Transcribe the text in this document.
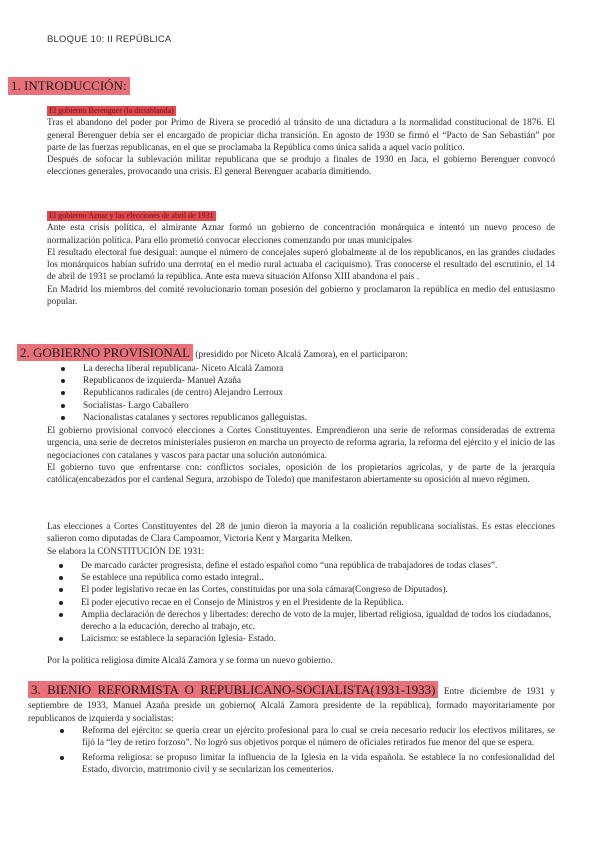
BLOQUE 10: II REPÚBLICA
1. INTRODUCCIÓN:

El gobierno Berenguer (la dictablanda)

Tras el abandono del poder por Primo de Rivera se procedió al tránsito de una dictadura a la normalidad constitucional de 1876. El general Berenguer debía ser el encargado de propiciar dicha transición. En agosto de 1930 se firmó el “Pacto de San Sebastián” por parte de las fuerzas republicanas, en el que se proclamaba la República como única salida a aquel vacío político.

Después de sofocar la sublevación militar republicana que se produjo a finales de 1930 en Jaca, el gobierno Berenguer convocó elecciones generales, provocando una crisis. El general Berenguer acabaría dimitiendo.

El gobierno Aznar y las elecciones de abril de 1931

Ante esta crisis política, el almirante Aznar formó un gobierno de concentración monárquica e intentó un nuevo proceso de normalización política. Para ello prometió convocar elecciones comenzando por unas municipales

El resultado electoral fue desigual: aunque el número de concejales superó globalmente al de los republicanos, en las grandes ciudades los monárquicos habían sufrido una derrota( en el medio rural actuaba el caciquismo). Tras conocerse el resultado del escrutinio, el 14 de abril de 1931 se proclamó la república. Ante esta nueva situación Alfonso XIII abandona el país .

En Madrid los miembros del comité revolucionario toman posesión del gobierno y proclamaron la república en medio del entusiasmo popular.

2. GOBIERNO PROVISIONAL (presidido por Niceto Alcalá Zamora), en el participaron:
La derecha liberal republicana- Niceto Alcalá Zamora
Republicanos de izquierda- Manuel Azaña
Republicanos radicales (de centro) Alejandro Lerroux
Socialistas- Largo Caballero
Nacionalistas catalanes y sectores republicanos galleguistas.

El gobierno provisional convocó elecciones a Cortes Constituyentes. Emprendieron una serie de reformas consideradas de extrema urgencia, una serie de decretos ministeriales pusieron en marcha un proyecto de reforma agraria, la reforma del ejército y el inicio de las negociaciones con catalanes y vascos para pactar una solución autonómica.

El gobierno tuvo que enfrentarse con: conflictos sociales, oposición de los propietarios agrícolas, y de parte de la jerarquía católica(encabezados por el cardenal Segura, arzobispo de Toledo) que manifestaron abiertamente su oposición al nuevo régimen.

Las elecciones a Cortes Constituyentes del 28 de junio dieron la mayoría a la coalición republicana socialistas. Es estas elecciones salieron como diputadas de Clara Campoamor, Victoria Kent y Margarita Melken.

Se elabora la CONSTITUCIÓN DE 1931:

De marcado carácter progresista, define el estado español como “una república de trabajadores de todas clases”.
Se establece una república como estado integral..
El poder legislativo recae en las Cortes, constituidas por una sola cámara(Congreso de Diputados).
El poder ejecutivo recae en el Consejo de Ministros y en el Presidente de la República.
Amplia declaración de derechos y libertades: derecho de voto de la mujer, libertad religiosa, igualdad de todos los ciudadanos, derecho a la educación, derecho al trabajo, etc.
Laicismo: se establece la separación Iglesia- Estado.

Por la política religiosa dimite Alcalá Zamora y se forma un nuevo gobierno.

3. BIENIO REFORMISTA O REPUBLICANO-SOCIALISTA(1931-1933) Entre diciembre de 1931 y septiembre de 1933, Manuel Azaña preside un gobierno( Alcalá Zamora presidente de la república), formado mayoritariamente por republicanos de izquierda y socialistas:
Reforma del ejército: se quería crear un ejército profesional para lo cual se creía necesario reducir los efectivos militares, se fijó la “ley de retiro forzoso”. No logró sus objetivos porque el número de oficiales retirados fue menor del que se espera.
Reforma religiosa: se propuso limitar la influencia de la Iglesia en la vida española. Se establece la no confesionalidad del Estado, divorcio, matrimonio civil y se secularizan los cementerios.
